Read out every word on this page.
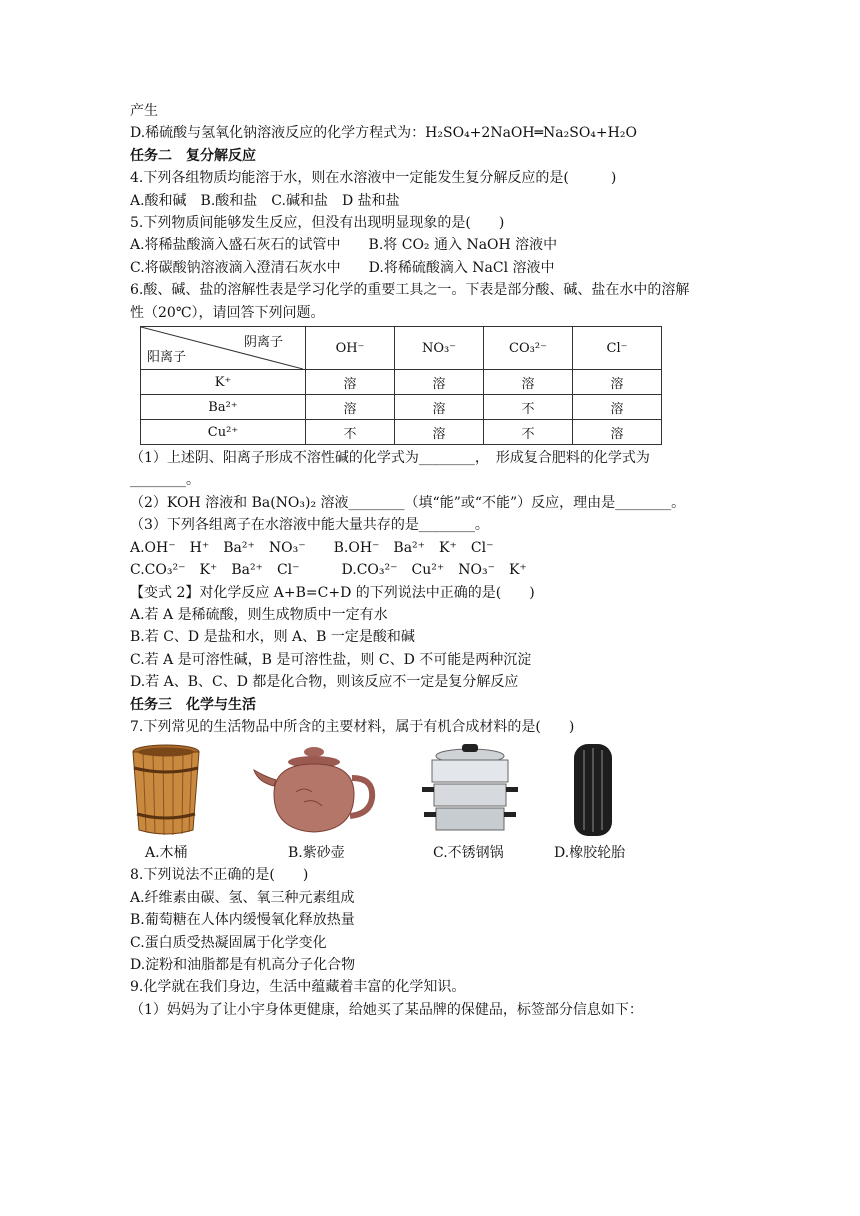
产生
D.稀硫酸与氢氧化钠溶液反应的化学方程式为：H₂SO₄+2NaOH═Na₂SO₄+H₂O
任务二　复分解反应
4.下列各组物质均能溶于水，则在水溶液中一定能发生复分解反应的是(　　　)
A.酸和碱　B.酸和盐　C.碱和盐　D 盐和盐
5.下列物质间能够发生反应，但没有出现明显现象的是(　　)
A.将稀盐酸滴入盛石灰石的试管中　　B.将 CO₂ 通入 NaOH 溶液中
C.将碳酸钠溶液滴入澄清石灰水中　　D.将稀硫酸滴入 NaCl 溶液中
6.酸、碱、盐的溶解性表是学习化学的重要工具之一。下表是部分酸、碱、盐在水中的溶解
性（20℃），请回答下列问题。
阴离子
阳离子	OH⁻	NO₃⁻	CO₃²⁻	Cl⁻
K⁺	溶	溶	溶	溶
Ba²⁺	溶	溶	不	溶
Cu²⁺	不	溶	不	溶
（1）上述阴、阳离子形成不溶性碱的化学式为________，　形成复合肥料的化学式为
________。
（2）KOH 溶液和 Ba(NO₃)₂ 溶液________（填“能”或“不能”）反应，理由是________。
（3）下列各组离子在水溶液中能大量共存的是________。
A.OH⁻　H⁺　Ba²⁺　NO₃⁻　　B.OH⁻　Ba²⁺　K⁺　Cl⁻
C.CO₃²⁻　K⁺　Ba²⁺　Cl⁻　　　D.CO₃²⁻　Cu²⁺　NO₃⁻　K⁺
【变式 2】对化学反应 A+B=C+D 的下列说法中正确的是(　　)
A.若 A 是稀硫酸，则生成物质中一定有水
B.若 C、D 是盐和水，则 A、B 一定是酸和碱
C.若 A 是可溶性碱，B 是可溶性盐，则 C、D 不可能是两种沉淀
D.若 A、B、C、D 都是化合物，则该反应不一定是复分解反应
任务三　化学与生活
7.下列常见的生活物品中所含的主要材料，属于有机合成材料的是(　　)
A.木桶	B.紫砂壶	C.不锈钢锅	D.橡胶轮胎
8.下列说法不正确的是(　　)
A.纤维素由碳、氢、氧三种元素组成
B.葡萄糖在人体内缓慢氧化释放热量
C.蛋白质受热凝固属于化学变化
D.淀粉和油脂都是有机高分子化合物
9.化学就在我们身边，生活中蕴藏着丰富的化学知识。
（1）妈妈为了让小宇身体更健康，给她买了某品牌的保健品，标签部分信息如下：
